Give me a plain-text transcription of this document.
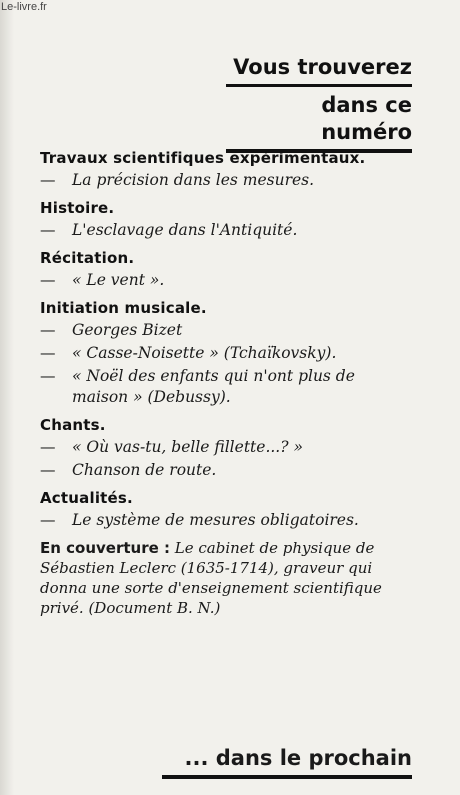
Le-livre.fr
Vous trouverez
dans ce numéro
Travaux scientifiques expérimentaux.
—	La précision dans les mesures.
Histoire.
—	L'esclavage dans l'Antiquité.
Récitation.
—	« Le vent ».
Initiation musicale.
—	Georges Bizet
—	« Casse-Noisette » (Tchaïkovsky).
—	« Noël des enfants qui n'ont plus de maison » (Debussy).
Chants.
—	« Où vas-tu, belle fillette...? »
—	Chanson de route.
Actualités.
—	Le système de mesures obligatoires.
En couverture : Le cabinet de physique de Sébastien Leclerc (1635-1714), graveur qui donna une sorte d'enseignement scientifique privé. (Document B. N.)
... dans le prochain
